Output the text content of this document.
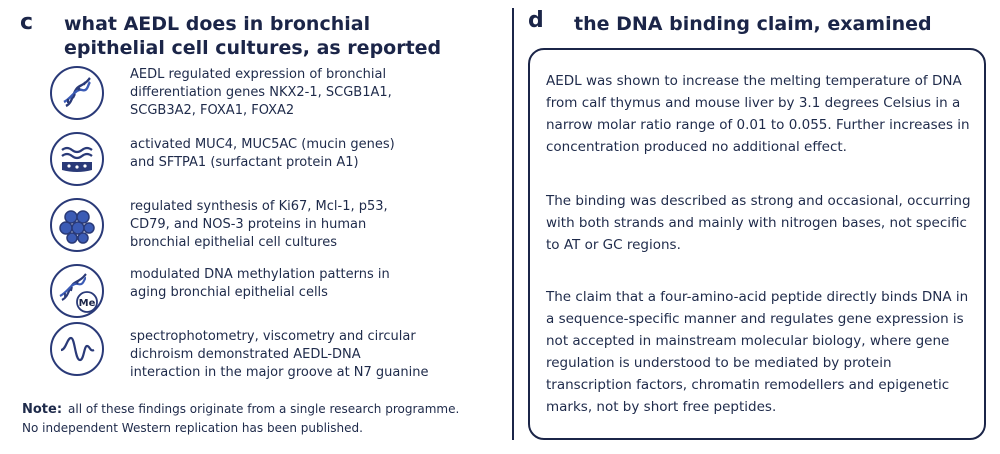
c what AEDL does in bronchial epithelial cell cultures, as reported

AEDL regulated expression of bronchial
differentiation genes NKX2-1, SCGB1A1,
SCGB3A2, FOXA1, FOXA2

activated MUC4, MUC5AC (mucin genes)
and SFTPA1 (surfactant protein A1)

regulated synthesis of Ki67, Mcl-1, p53,
CD79, and NOS-3 proteins in human
bronchial epithelial cell cultures

Me

modulated DNA methylation patterns in
aging bronchial epithelial cells

spectrophotometry, viscometry and circular
dichroism demonstrated AEDL-DNA
interaction in the major groove at N7 guanine

Note: all of these findings originate from a single research programme.
No independent Western replication has been published.

d the DNA binding claim, examined

AEDL was shown to increase the melting temperature of DNA from calf thymus and mouse liver by 3.1 degrees Celsius in a narrow molar ratio range of 0.01 to 0.055. Further increases in concentration produced no additional effect.

The binding was described as strong and occasional, occurring with both strands and mainly with nitrogen bases, not specific to AT or GC regions.

The claim that a four-amino-acid peptide directly binds DNA in a sequence-specific manner and regulates gene expression is not accepted in mainstream molecular biology, where gene regulation is understood to be mediated by protein transcription factors, chromatin remodellers and epigenetic marks, not by short free peptides.
